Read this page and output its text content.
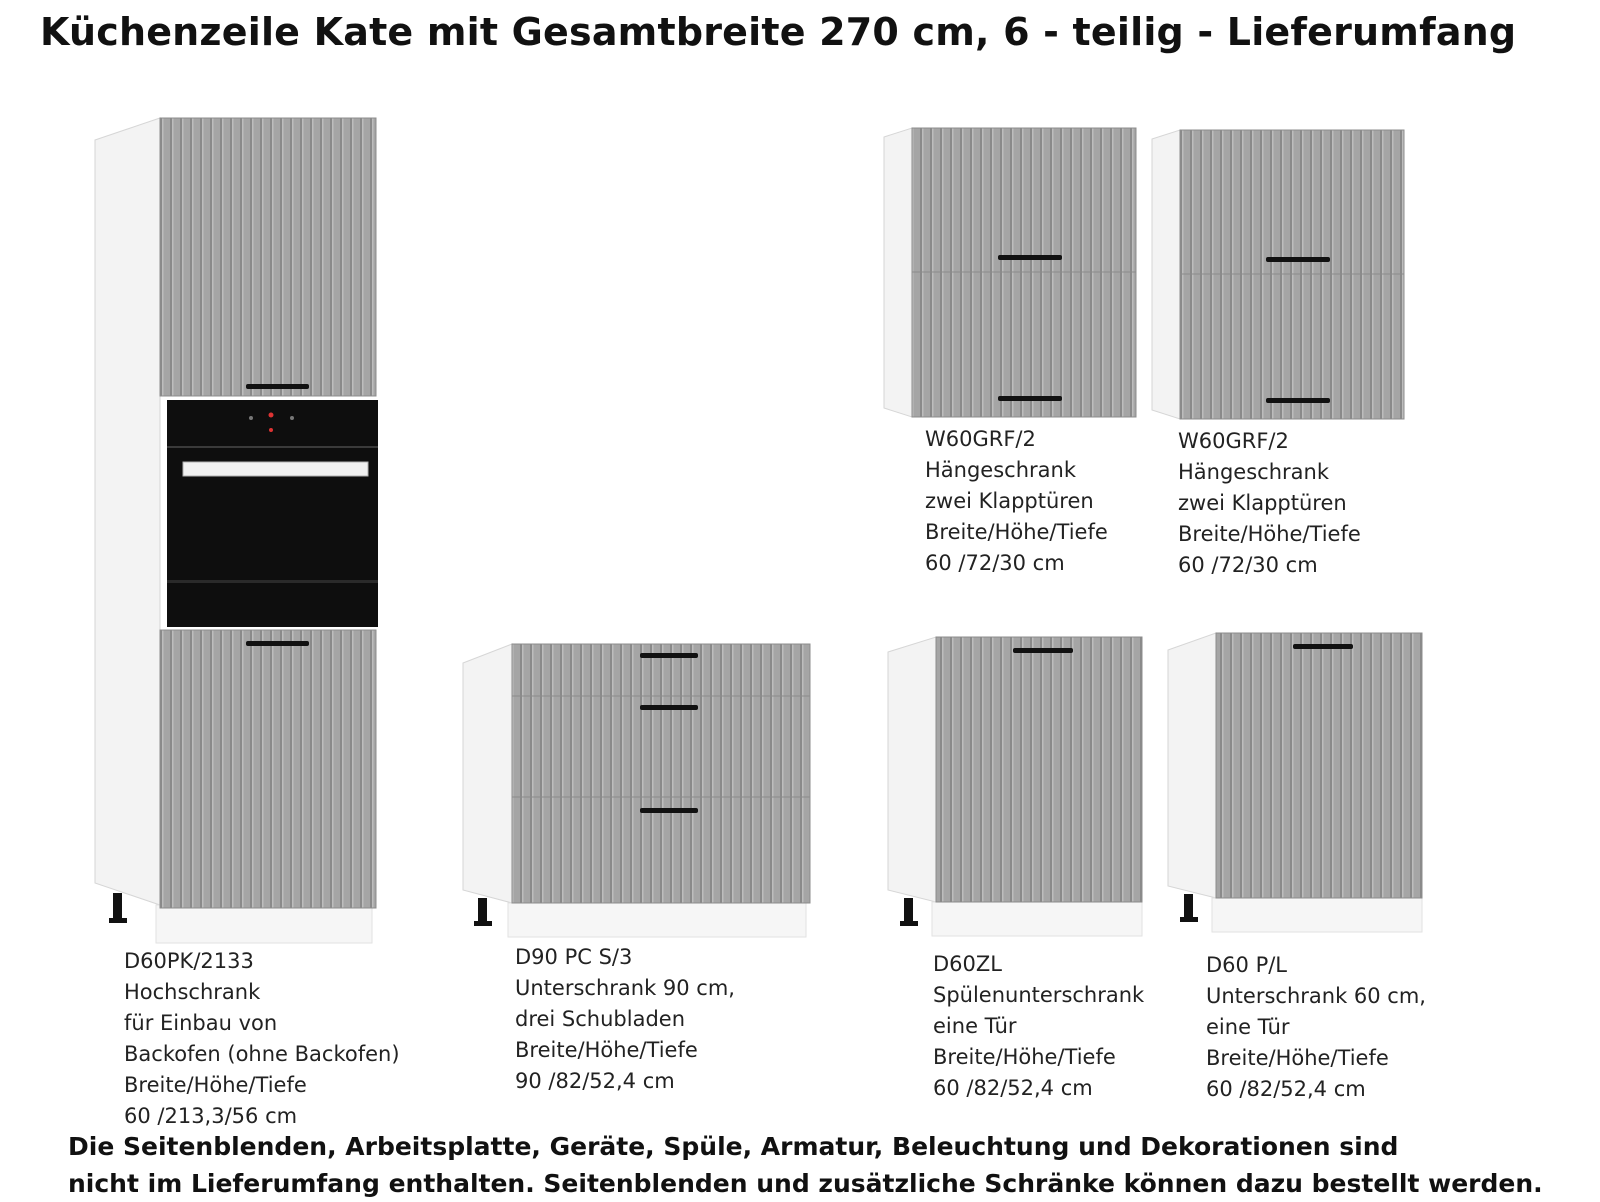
Küchenzeile Kate mit Gesamtbreite 270 cm, 6 - teilig - Lieferumfang
D60PK/2133
Hochschrank
für Einbau von
Backofen (ohne Backofen)
Breite/Höhe/Tiefe
60 /213,3/56 cm
D90 PC S/3
Unterschrank 90 cm,
drei Schubladen
Breite/Höhe/Tiefe
90 /82/52,4 cm
W60GRF/2
Hängeschrank
zwei Klapptüren
Breite/Höhe/Tiefe
60 /72/30 cm
W60GRF/2
Hängeschrank
zwei Klapptüren
Breite/Höhe/Tiefe
60 /72/30 cm
D60ZL
Spülenunterschrank
eine Tür
Breite/Höhe/Tiefe
60 /82/52,4 cm
D60 P/L
Unterschrank 60 cm,
eine Tür
Breite/Höhe/Tiefe
60 /82/52,4 cm
Die Seitenblenden, Arbeitsplatte, Geräte, Spüle, Armatur, Beleuchtung und Dekorationen sind
nicht im Lieferumfang enthalten. Seitenblenden und zusätzliche Schränke können dazu bestellt werden.
